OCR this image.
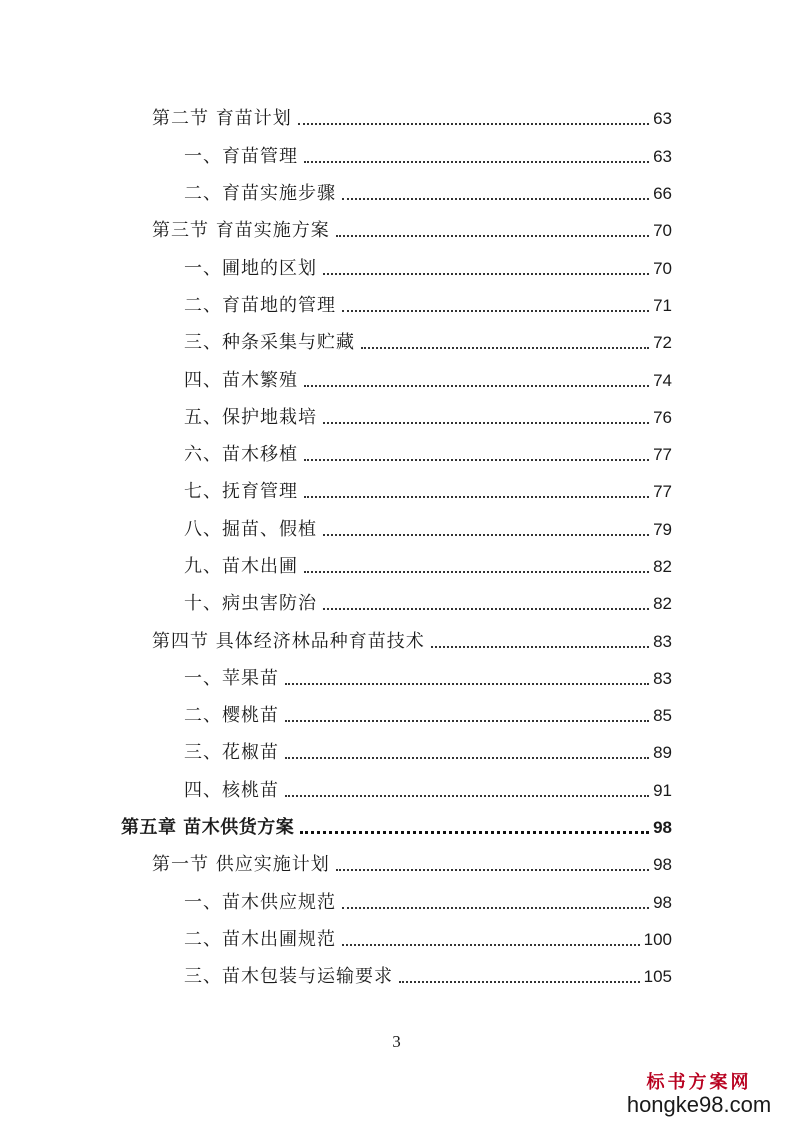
第二节 育苗计划	63
一、育苗管理	63
二、育苗实施步骤	66
第三节 育苗实施方案	70
一、圃地的区划	70
二、育苗地的管理	71
三、种条采集与贮藏	72
四、苗木繁殖	74
五、保护地栽培	76
六、苗木移植	77
七、抚育管理	77
八、掘苗、假植	79
九、苗木出圃	82
十、病虫害防治	82
第四节 具体经济林品种育苗技术	83
一、苹果苗	83
二、樱桃苗	85
三、花椒苗	89
四、核桃苗	91
第五章 苗木供货方案	98
第一节 供应实施计划	98
一、苗木供应规范	98
二、苗木出圃规范	100
三、苗木包装与运输要求	105
3
标书方案网
hongke98.com
